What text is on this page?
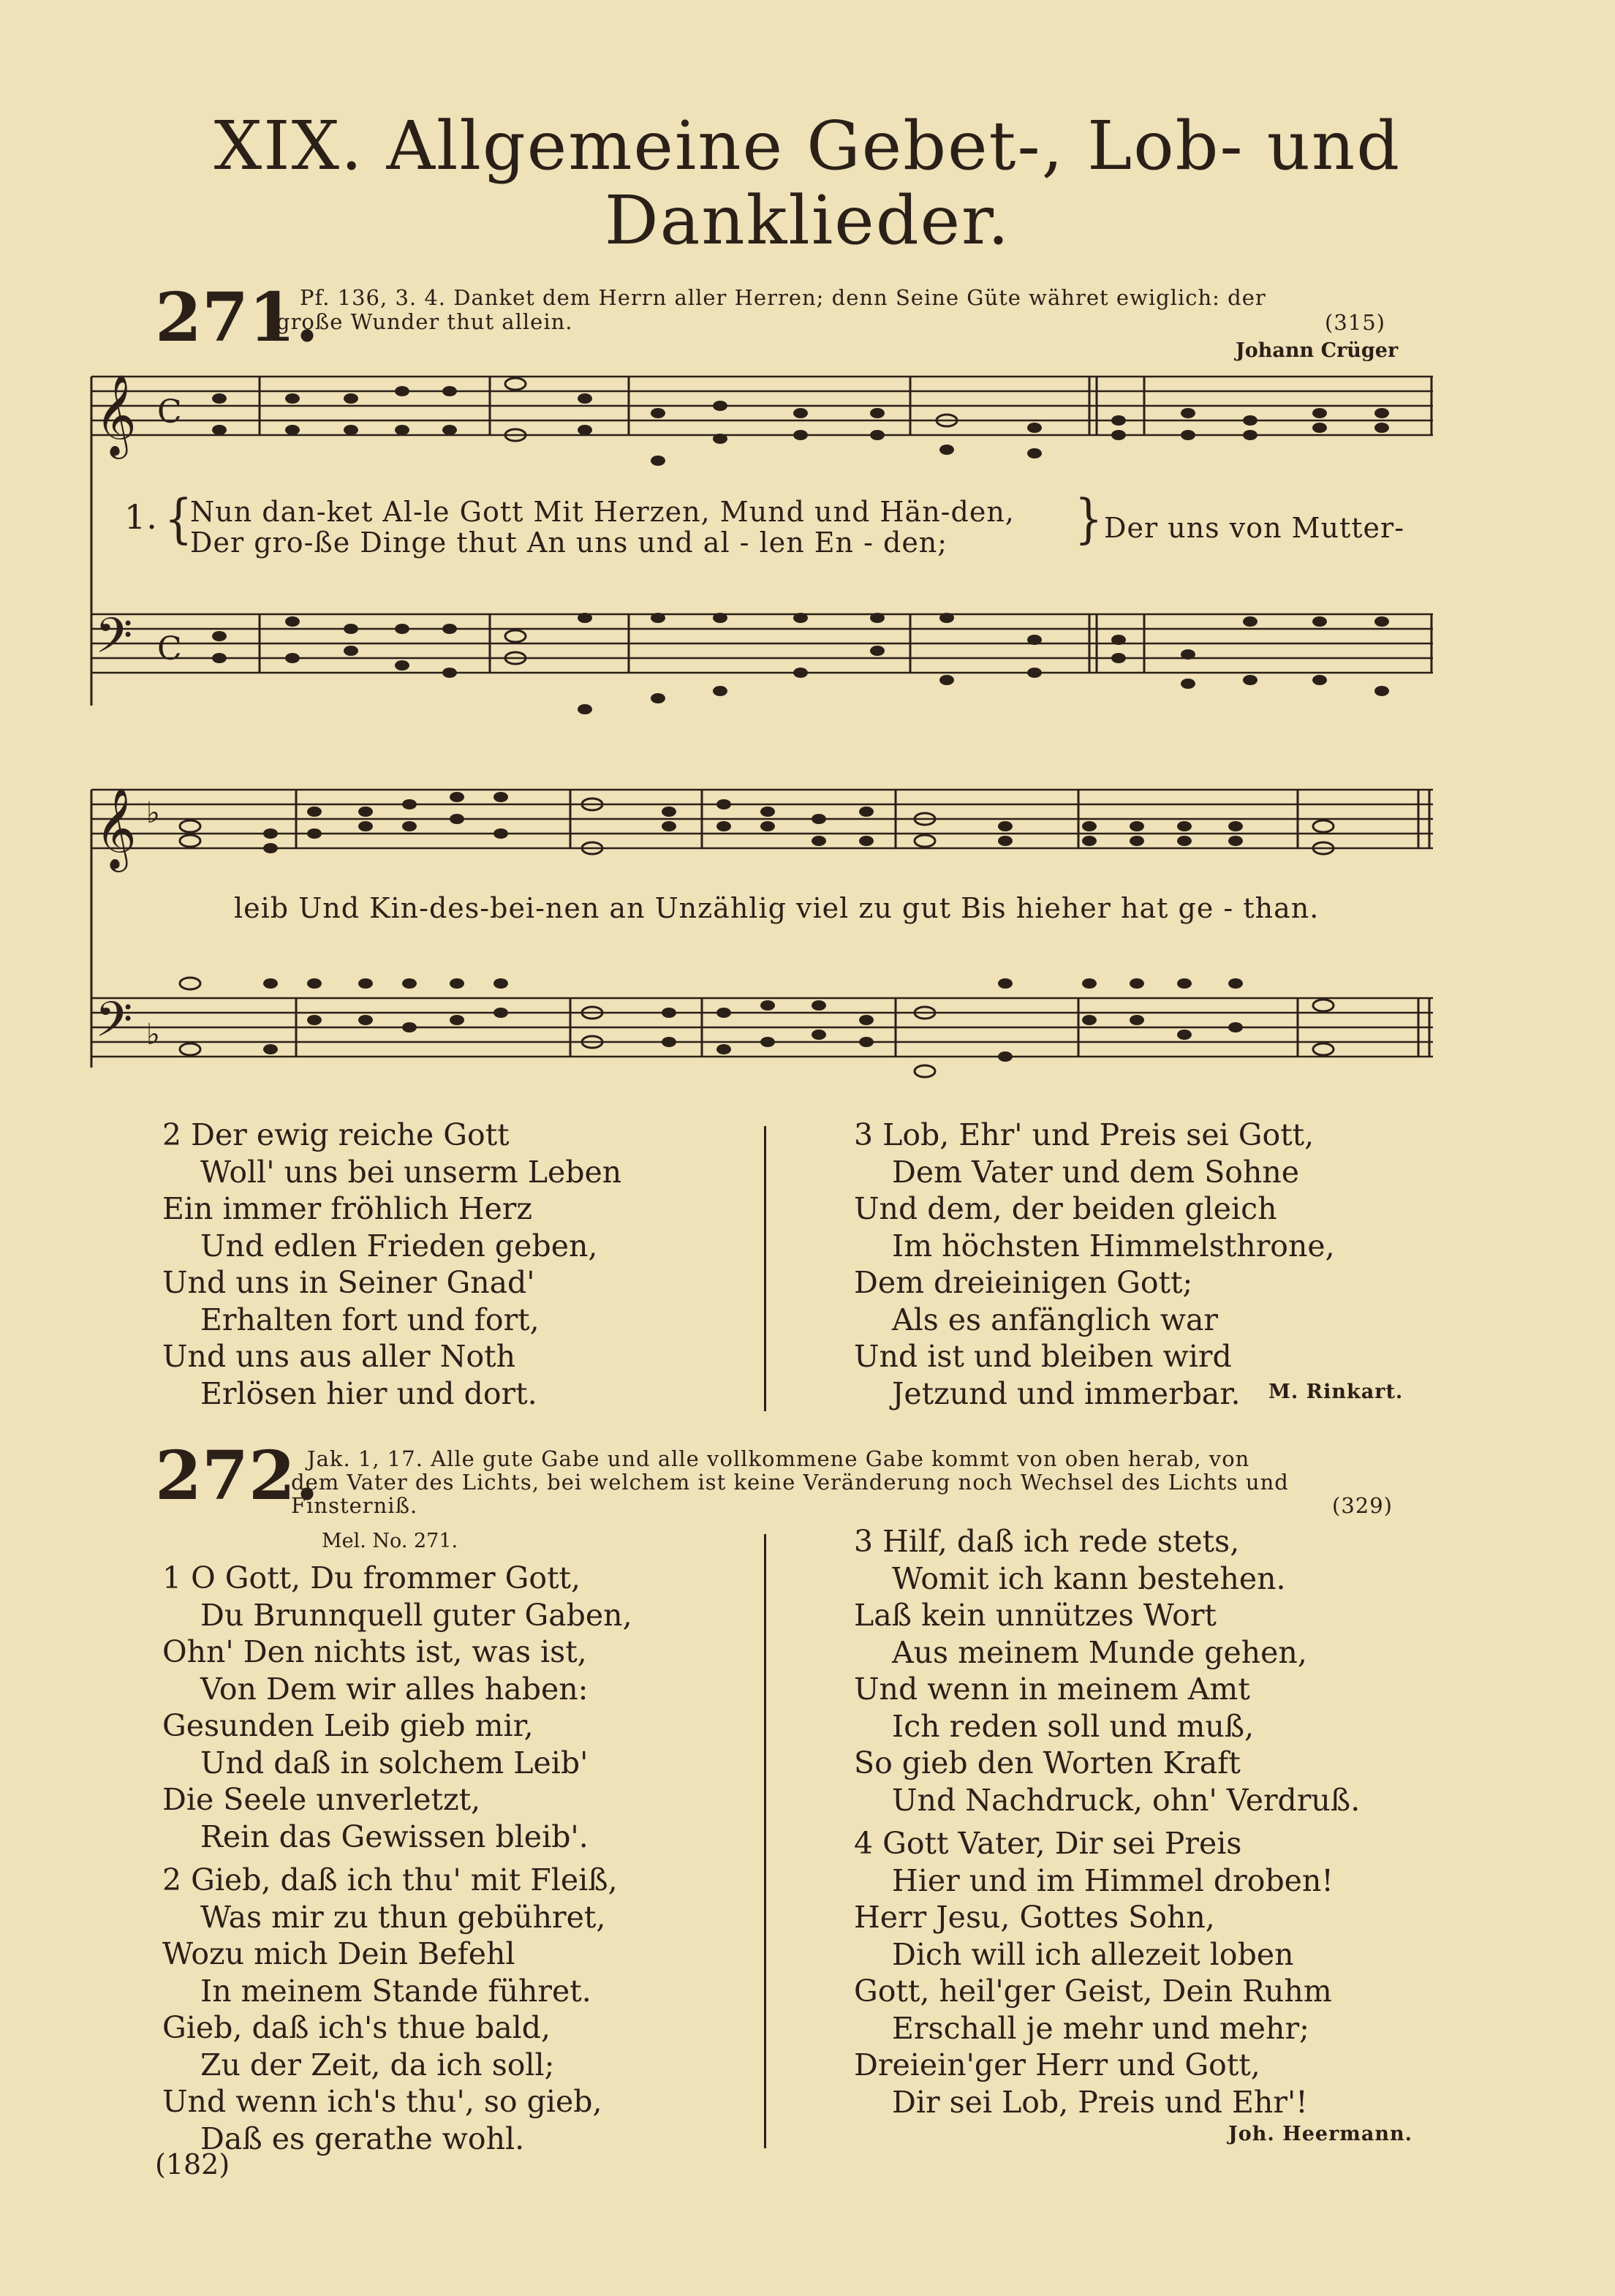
XIX. Allgemeine Gebet-, Lob- und
Danklieder.
271.
Pf. 136, 3. 4. Danket dem Herrn aller Herren; denn Seine Güte währet ewiglich: der
große Wunder thut allein.	(315)
Johann Crüger
𝄞 C
𝄢 C
𝄞 ♭
𝄢 ♭
1. {
Nun dan-ket Al-le Gott Mit Herzen, Mund und Hän-den,
Der gro-ße Dinge thut An uns und al - len En - den;	} Der uns von Mutter-
leib Und Kin-des-bei-nen an Unzählig viel zu gut Bis hieher hat ge - than.
2 Der ewig reiche Gott
Woll' uns bei unserm Leben
Ein immer fröhlich Herz
Und edlen Frieden geben,
Und uns in Seiner Gnad'
Erhalten fort und fort,
Und uns aus aller Noth
Erlösen hier und dort.
3 Lob, Ehr' und Preis sei Gott,
Dem Vater und dem Sohne
Und dem, der beiden gleich
Im höchsten Himmelsthrone,
Dem dreieinigen Gott;
Als es anfänglich war
Und ist und bleiben wird
Jetzund und immerbar.	M. Rinkart.
272.
Jak. 1, 17. Alle gute Gabe und alle vollkommene Gabe kommt von oben herab, von
dem Vater des Lichts, bei welchem ist keine Veränderung noch Wechsel des Lichts und
Finsterniß.	(329)
Mel. No. 271.
1 O Gott, Du frommer Gott,
Du Brunnquell guter Gaben,
Ohn' Den nichts ist, was ist,
Von Dem wir alles haben:
Gesunden Leib gieb mir,
Und daß in solchem Leib'
Die Seele unverletzt,
Rein das Gewissen bleib'.
2 Gieb, daß ich thu' mit Fleiß,
Was mir zu thun gebühret,
Wozu mich Dein Befehl
In meinem Stande führet.
Gieb, daß ich's thue bald,
Zu der Zeit, da ich soll;
Und wenn ich's thu', so gieb,
Daß es gerathe wohl.
3 Hilf, daß ich rede stets,
Womit ich kann bestehen.
Laß kein unnützes Wort
Aus meinem Munde gehen,
Und wenn in meinem Amt
Ich reden soll und muß,
So gieb den Worten Kraft
Und Nachdruck, ohn' Verdruß.
4 Gott Vater, Dir sei Preis
Hier und im Himmel droben!
Herr Jesu, Gottes Sohn,
Dich will ich allezeit loben
Gott, heil'ger Geist, Dein Ruhm
Erschall je mehr und mehr;
Dreiein'ger Herr und Gott,
Dir sei Lob, Preis und Ehr'!
Joh. Heermann.
(182)
